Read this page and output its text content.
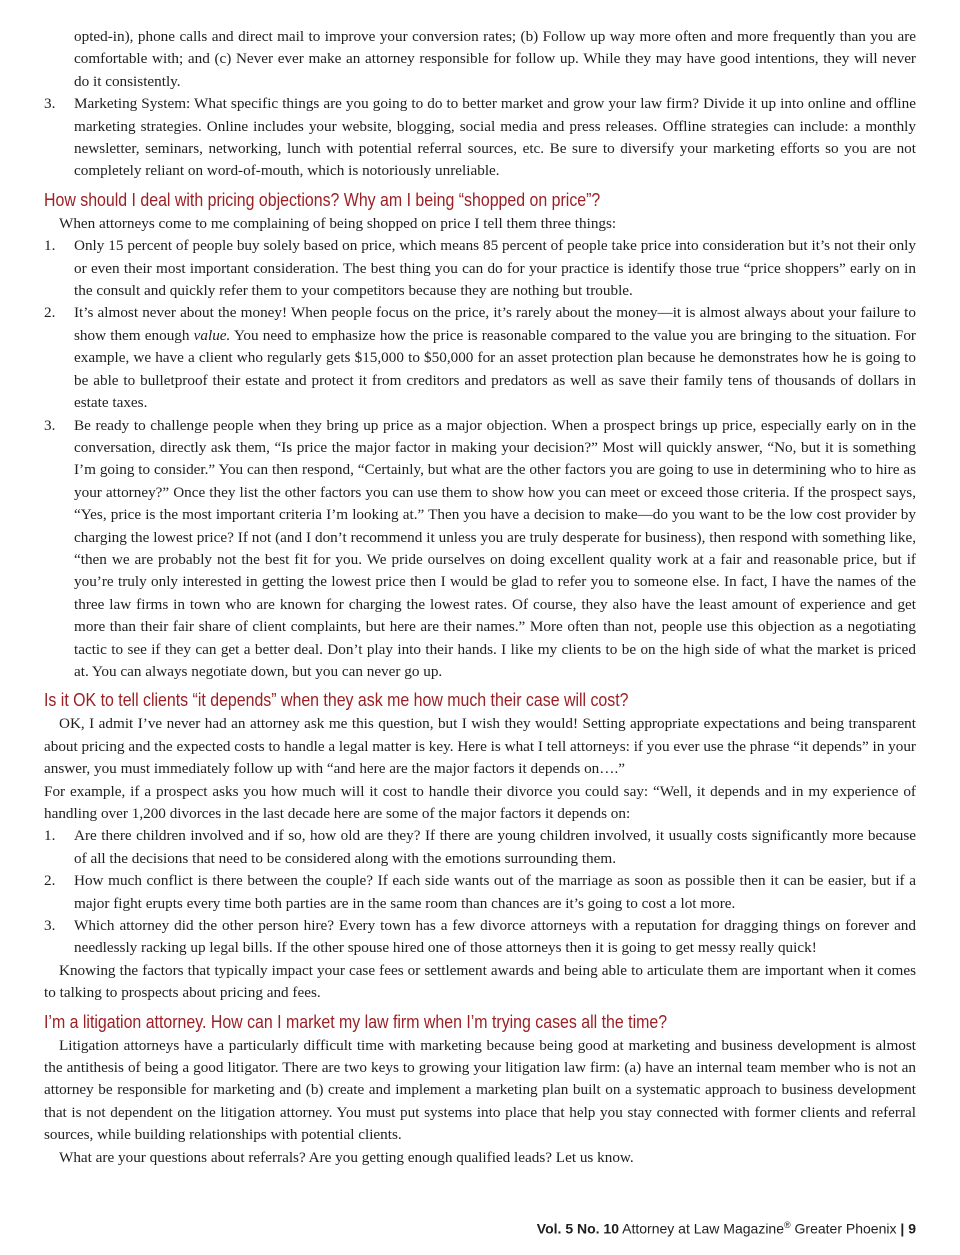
opted-in), phone calls and direct mail to improve your conversion rates; (b) Follow up way more often and more frequently than you are comfortable with; and (c) Never ever make an attorney responsible for follow up. While they may have good intentions, they will never do it consistently.
3. Marketing System: What specific things are you going to do to better market and grow your law firm? Divide it up into online and offline marketing strategies. Online includes your website, blogging, social media and press releases. Offline strategies can include: a monthly newsletter, seminars, networking, lunch with potential referral sources, etc. Be sure to diversify your marketing efforts so you are not completely reliant on word-of-mouth, which is notoriously unreliable.
How should I deal with pricing objections? Why am I being “shopped on price”?

When attorneys come to me complaining of being shopped on price I tell them three things:

1. Only 15 percent of people buy solely based on price, which means 85 percent of people take price into consideration but it’s not their only or even their most important consideration. The best thing you can do for your practice is identify those true “price shoppers” early on in the consult and quickly refer them to your competitors because they are nothing but trouble.
2. It’s almost never about the money! When people focus on the price, it’s rarely about the money—it is almost always about your failure to show them enough value. You need to emphasize how the price is reasonable compared to the value you are bringing to the situation. For example, we have a client who regularly gets $15,000 to $50,000 for an asset protection plan because he demonstrates how he is going to be able to bulletproof their estate and protect it from creditors and predators as well as save their family tens of thousands of dollars in estate taxes.
3. Be ready to challenge people when they bring up price as a major objection. When a prospect brings up price, especially early on in the conversation, directly ask them, “Is price the major factor in making your decision?” Most will quickly answer, “No, but it is something I’m going to consider.” You can then respond, “Certainly, but what are the other factors you are going to use in determining who to hire as your attorney?” Once they list the other factors you can use them to show how you can meet or exceed those criteria. If the prospect says, “Yes, price is the most important criteria I’m looking at.” Then you have a decision to make—do you want to be the low cost provider by charging the lowest price? If not (and I don’t recommend it unless you are truly desperate for business), then respond with something like, “then we are probably not the best fit for you. We pride ourselves on doing excellent quality work at a fair and reasonable price, but if you’re truly only interested in getting the lowest price then I would be glad to refer you to someone else. In fact, I have the names of the three law firms in town who are known for charging the lowest rates. Of course, they also have the least amount of experience and get more than their fair share of client complaints, but here are their names.” More often than not, people use this objection as a negotiating tactic to see if they can get a better deal. Don’t play into their hands. I like my clients to be on the high side of what the market is priced at. You can always negotiate down, but you can never go up.
Is it OK to tell clients “it depends” when they ask me how much their case will cost?

OK, I admit I’ve never had an attorney ask me this question, but I wish they would! Setting appropriate expectations and being transparent about pricing and the expected costs to handle a legal matter is key. Here is what I tell attorneys: if you ever use the phrase “it depends” in your answer, you must immediately follow up with “and here are the major factors it depends on….”

For example, if a prospect asks you how much will it cost to handle their divorce you could say: “Well, it depends and in my experience of handling over 1,200 divorces in the last decade here are some of the major factors it depends on:

1. Are there children involved and if so, how old are they? If there are young children involved, it usually costs significantly more because of all the decisions that need to be considered along with the emotions surrounding them.
2. How much conflict is there between the couple? If each side wants out of the marriage as soon as possible then it can be easier, but if a major fight erupts every time both parties are in the same room than chances are it’s going to cost a lot more.
3. Which attorney did the other person hire? Every town has a few divorce attorneys with a reputation for dragging things on forever and needlessly racking up legal bills. If the other spouse hired one of those attorneys then it is going to get messy really quick!

Knowing the factors that typically impact your case fees or settlement awards and being able to articulate them are important when it comes to talking to prospects about pricing and fees.

I’m a litigation attorney. How can I market my law firm when I’m trying cases all the time?

Litigation attorneys have a particularly difficult time with marketing because being good at marketing and business development is almost the antithesis of being a good litigator. There are two keys to growing your litigation law firm: (a) have an internal team member who is not an attorney be responsible for marketing and (b) create and implement a marketing plan built on a systematic approach to business development that is not dependent on the litigation attorney. You must put systems into place that help you stay connected with former clients and referral sources, while building relationships with potential clients.

What are your questions about referrals? Are you getting enough qualified leads? Let us know.

Vol. 5 No. 10 Attorney at Law Magazine® Greater Phoenix | 9
